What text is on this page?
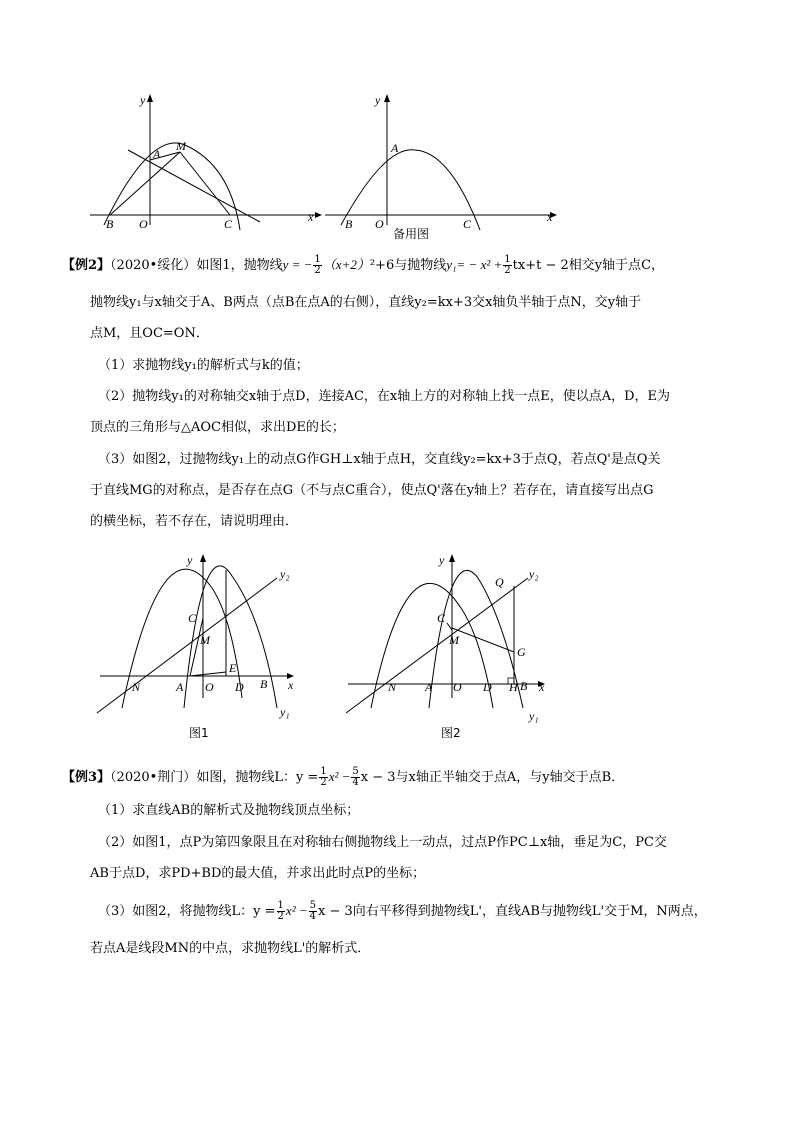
y
A
M
B O	C	x
y
A
B O	C	x
备用图
【例2】（2020•绥化）如图1，抛物线y = − $\frac{1}{2} (x+2)^2+6$与抛物线$y_1= - x^2 + \frac{1}{2} tx+t - 2$相交y轴于点C，
抛物线y₁与x轴交于A、B两点（点B在点A的右侧），直线y₂=kx+3交x轴负半轴于点N，交y轴于
点M，且OC=ON．
（1）求抛物线y₁的解析式与k的值；
（2）抛物线y₁的对称轴交x轴于点D，连接AC，在x轴上方的对称轴上找一点E，使以点A，D，E为
顶点的三角形与△AOC相似，求出DE的长；
（3）如图2，过抛物线y₁上的动点G作GH⊥x轴于点H，交直线y₂=kx+3于点Q，若点Q'是点Q关
于直线MG的对称点，是否存在点G（不与点C重合），使点Q'落在y轴上？若存在，请直接写出点G
的横坐标，若不存在，请说明理由．
y
y₂
C
M
E
N	A O D B x
y₁
图1
y
y₂
Q
C
M
G
N A O D H B x
y₁
图2
【例3】（2020•荆门）如图，抛物线L：$y = \frac{1}{2} x^2 - \frac{5}{4}$ x − 3与x轴正半轴交于点A，与y轴交于点B．
（1）求直线AB的解析式及抛物线顶点坐标；
（2）如图1，点P为第四象限且在对称轴右侧抛物线上一动点，过点P作PC⊥x轴，垂足为C，PC交
AB于点D，求PD+BD的最大值，并求出此时点P的坐标；
（3）如图2，将抛物线L：$y = \frac{1}{2} x^2 - \frac{5}{4}$ x − 3向右平移得到抛物线L'，直线AB与抛物线L'交于M，N两点，
若点A是线段MN的中点，求抛物线L'的解析式．
